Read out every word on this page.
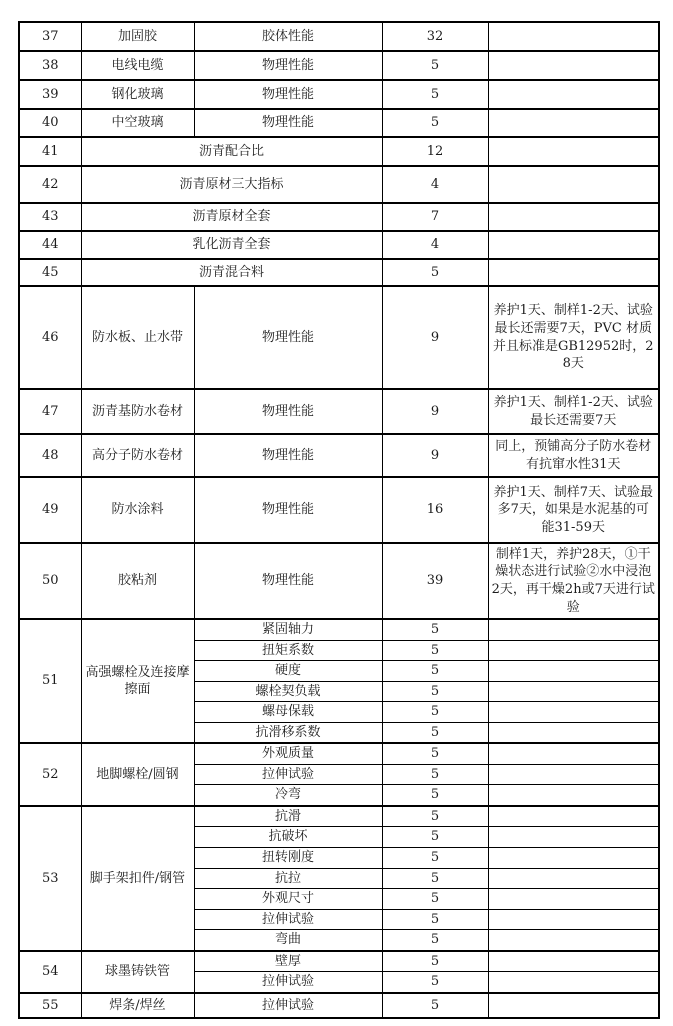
37	加固胶	胶体性能	32	
38	电线电缆	物理性能	5	
39	钢化玻璃	物理性能	5	
40	中空玻璃	物理性能	5	
41	沥青配合比		12	
42	沥青原材三大指标		4	
43	沥青原材全套		7	
44	乳化沥青全套		4	
45	沥青混合料		5	
46	防水板、止水带	物理性能	9	养护1天、制样1-2天、试验最长还需要7天，PVC 材质并且标准是GB12952时，28天
47	沥青基防水卷材	物理性能	9	养护1天、制样1-2天、试验最长还需要7天
48	高分子防水卷材	物理性能	9	同上，预铺高分子防水卷材有抗窜水性31天
49	防水涂料	物理性能	16	养护1天、制样7天、试验最多7天，如果是水泥基的可能31-59天
50	胶粘剂	物理性能	39	制样1天，养护28天，①干燥状态进行试验②水中浸泡2天，再干燥2h或7天进行试验
51	高强螺栓及连接摩擦面	紧固轴力	5	
		扭矩系数	5	
		硬度	5	
		螺栓契负载	5	
		螺母保载	5	
		抗滑移系数	5	
52	地脚螺栓/圆钢	外观质量	5	
		拉伸试验	5	
		冷弯	5	
53	脚手架扣件/钢管	抗滑	5	
		抗破坏	5	
		扭转刚度	5	
		抗拉	5	
		外观尺寸	5	
		拉伸试验	5	
		弯曲	5	
54	球墨铸铁管	壁厚	5	
		拉伸试验	5	
55	焊条/焊丝	拉伸试验	5	
